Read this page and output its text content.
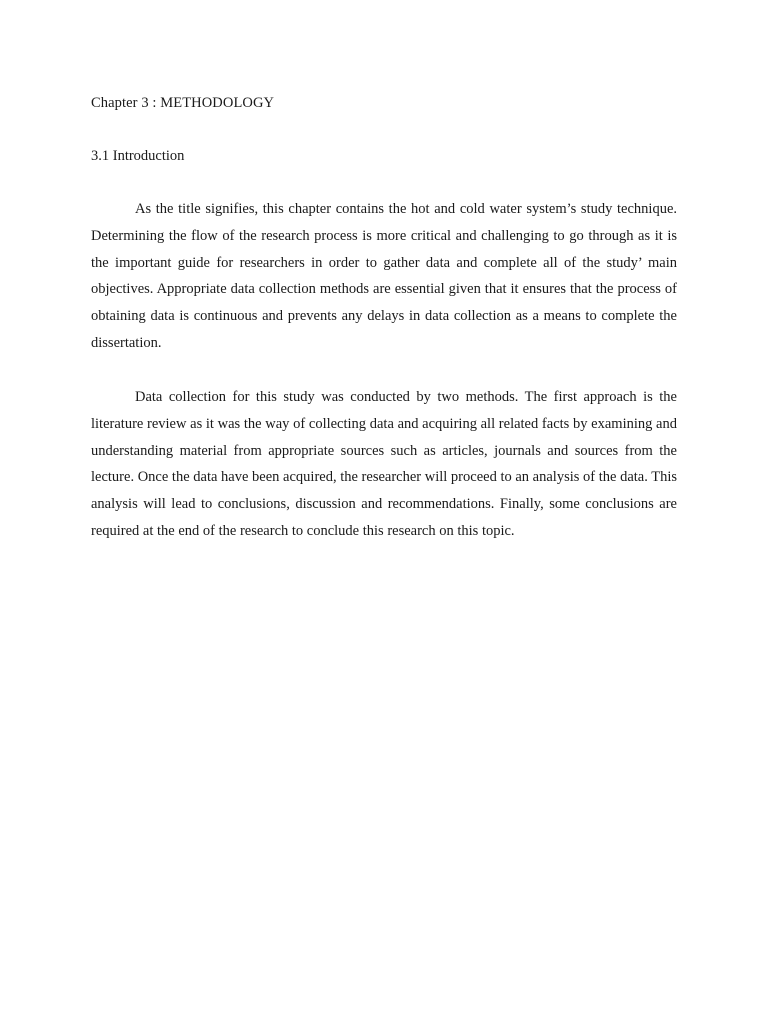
Chapter 3 : METHODOLOGY
3.1 Introduction

As the title signifies, this chapter contains the hot and cold water system’s study technique. Determining the flow of the research process is more critical and challenging to go through as it is the important guide for researchers in order to gather data and complete all of the study’ main objectives. Appropriate data collection methods are essential given that it ensures that the process of obtaining data is continuous and prevents any delays in data collection as a means to complete the dissertation.

Data collection for this study was conducted by two methods. The first approach is the literature review as it was the way of collecting data and acquiring all related facts by examining and understanding material from appropriate sources such as articles, journals and sources from the lecture. Once the data have been acquired, the researcher will proceed to an analysis of the data. This analysis will lead to conclusions, discussion and recommendations. Finally, some conclusions are required at the end of the research to conclude this research on this topic.
